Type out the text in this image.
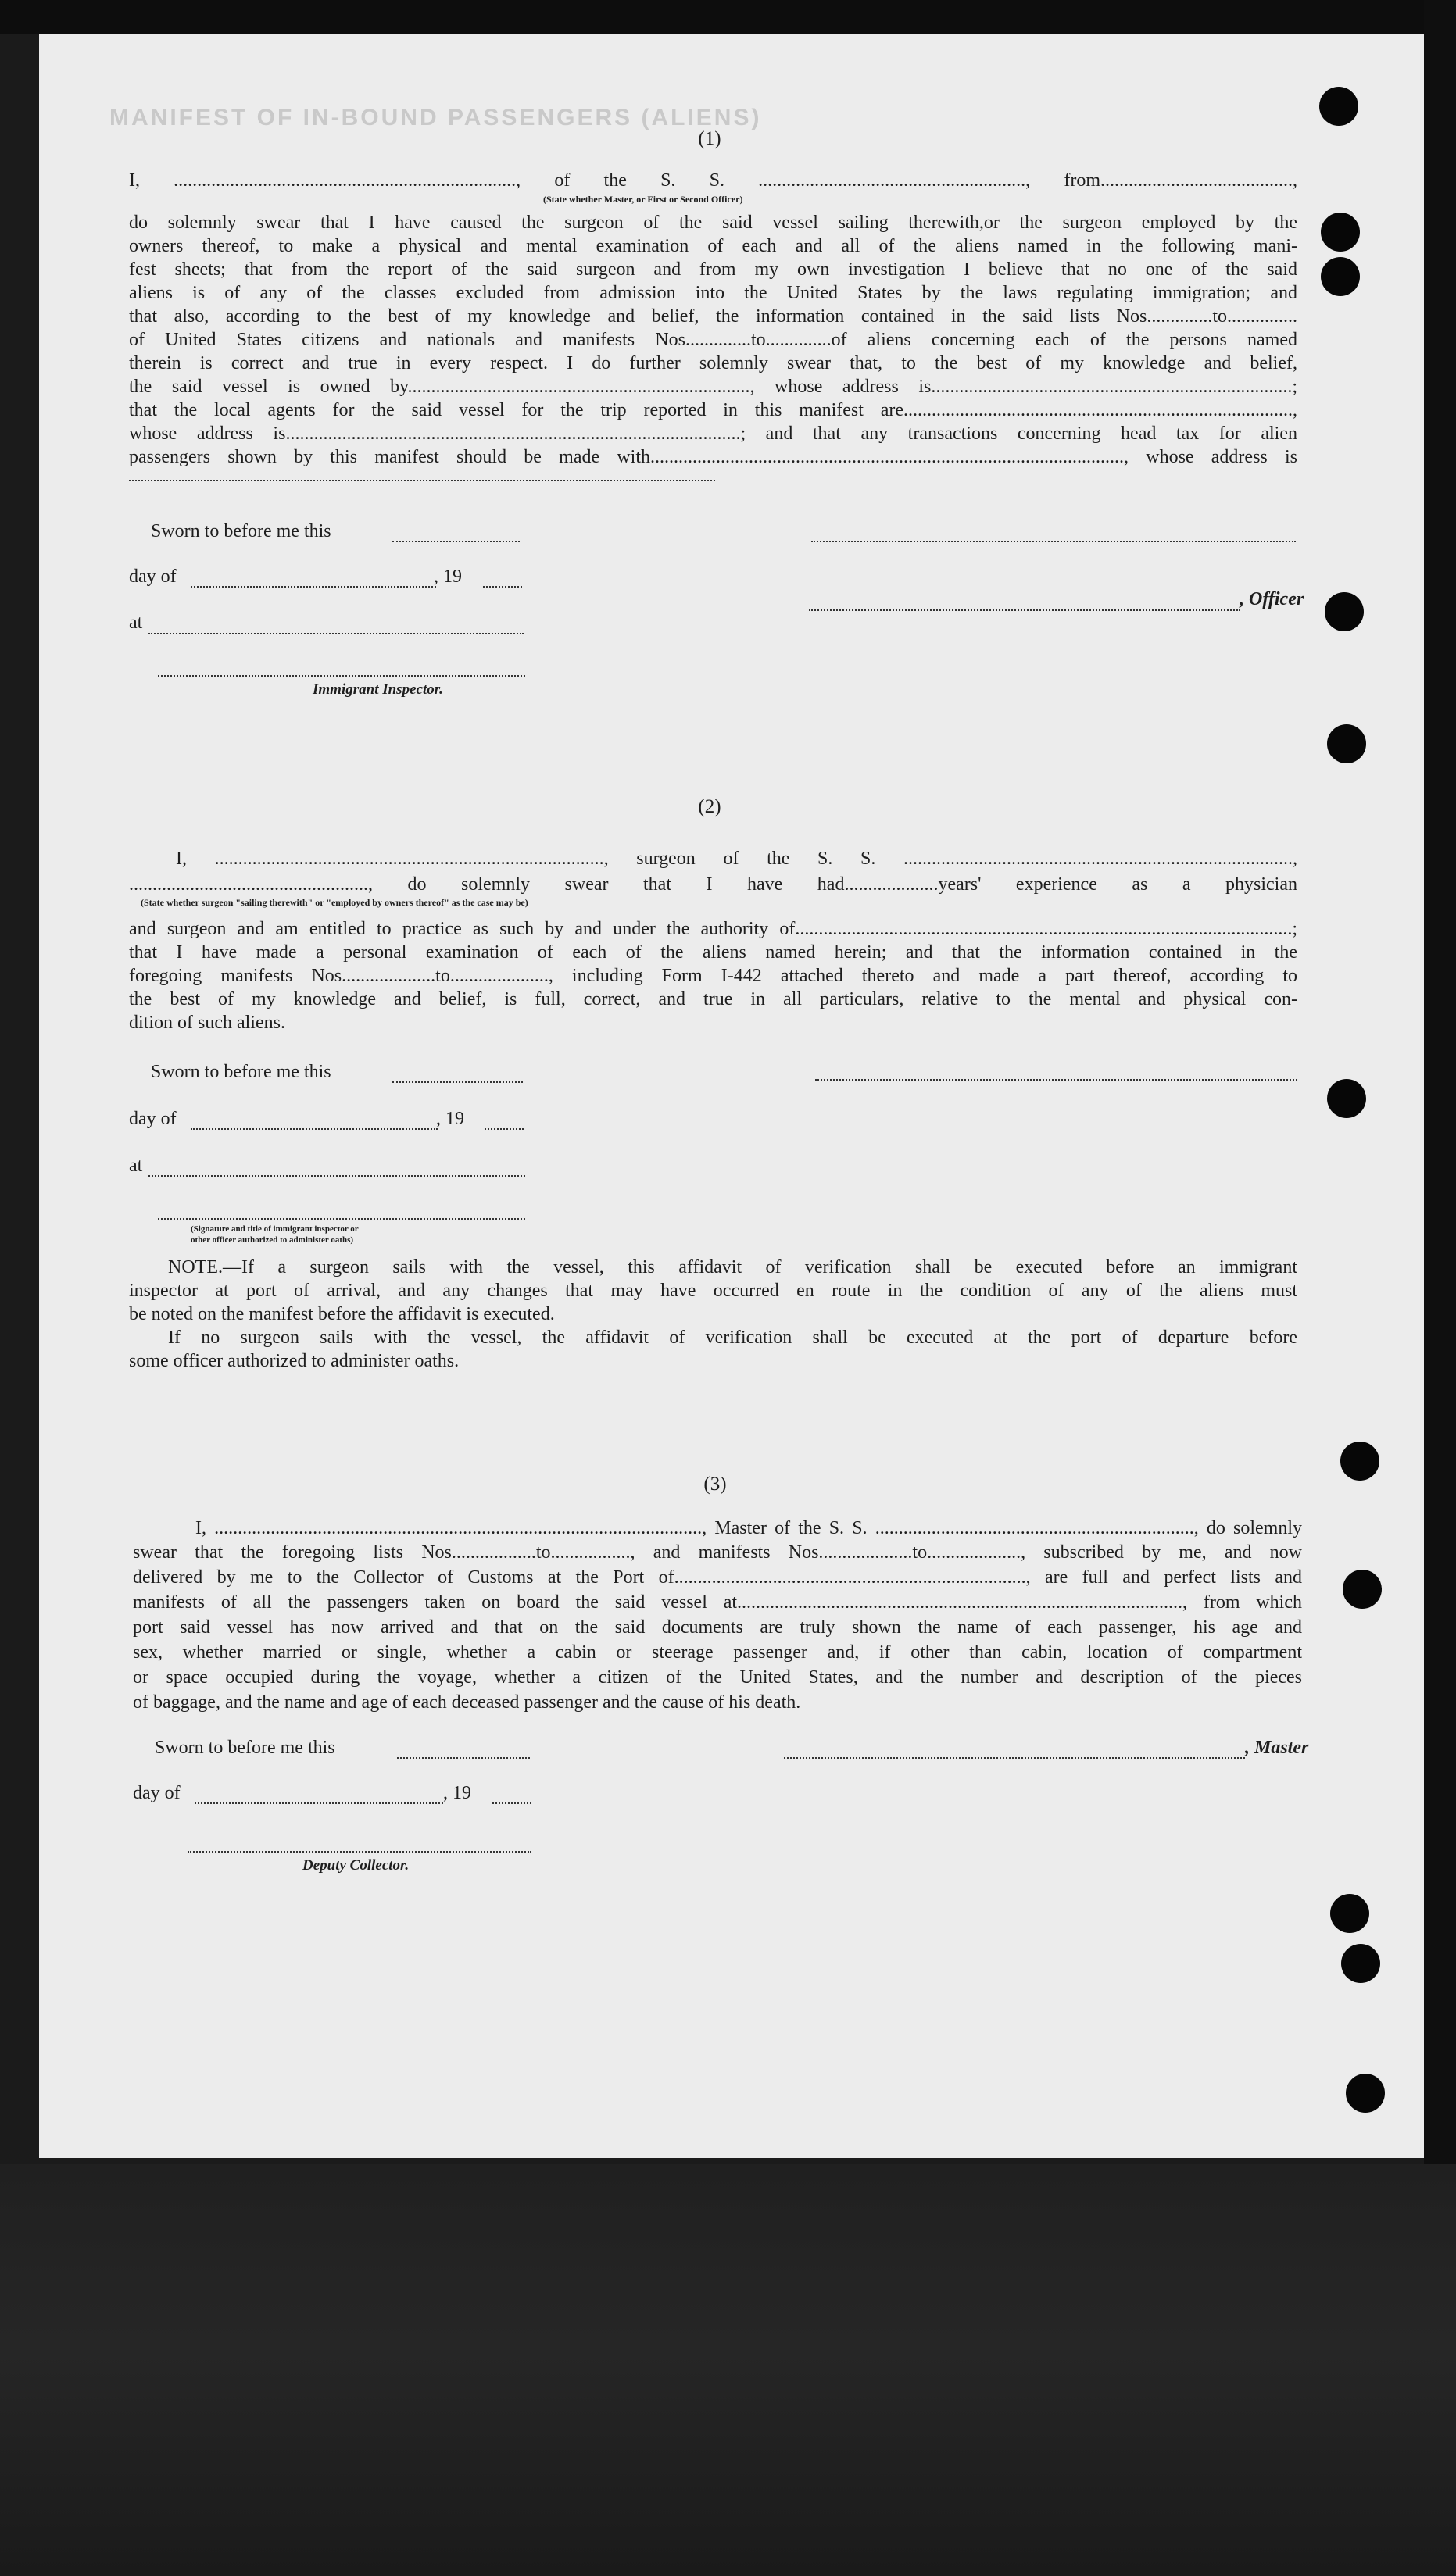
MANIFEST OF IN-BOUND PASSENGERS (ALIENS)
(1)
I, ........................................................................., of the S. S. ........................................................., from.........................................,
(State whether Master, or First or Second Officer)
do solemnly swear that I have caused the surgeon of the said vessel sailing therewith,or the surgeon employed by the
owners thereof, to make a physical and mental examination of each and all of the aliens named in the following mani-
fest sheets; that from the report of the said surgeon and from my own investigation I believe that no one of the said
aliens is of any of the classes excluded from admission into the United States by the laws regulating immigration; and
that also, according to the best of my knowledge and belief, the information contained in the said lists Nos..............to...............
of United States citizens and nationals and manifests Nos..............to..............of aliens concerning each of the persons named
therein is correct and true in every respect. I do further solemnly swear that, to the best of my knowledge and belief,
the said vessel is owned by........................................................................., whose address is.............................................................................;
that the local agents for the said vessel for the trip reported in this manifest are...................................................................................,
whose address is.................................................................................................; and that any transactions concerning head tax for alien
passengers shown by this manifest should be made with....................................................................................................., whose address is
Sworn to before me this
day of	, 19
, Officer
at
Immigrant Inspector.
(2)
I, ..................................................................................., surgeon of the S. S. ...................................................................................,
..................................................., do solemnly swear that I have had....................years' experience as a physician
(State whether surgeon "sailing therewith" or "employed by owners thereof" as the case may be)
and surgeon and am entitled to practice as such by and under the authority of..........................................................................................................;
that I have made a personal examination of each of the aliens named herein; and that the information contained in the
foregoing manifests Nos....................to....................., including Form I-442 attached thereto and made a part thereof, according to
the best of my knowledge and belief, is full, correct, and true in all particulars, relative to the mental and physical con-
dition of such aliens.
Sworn to before me this
day of	, 19
at
(Signature and title of immigrant inspector or
other officer authorized to administer oaths)
NOTE.—If a surgeon sails with the vessel, this affidavit of verification shall be executed before an immigrant
inspector at port of arrival, and any changes that may have occurred en route in the condition of any of the aliens must
be noted on the manifest before the affidavit is executed.
If no surgeon sails with the vessel, the affidavit of verification shall be executed at the port of departure before
some officer authorized to administer oaths.
(3)
I, ........................................................................................................, Master of the S. S. ...................................................................., do solemnly
swear that the foregoing lists Nos..................to................., and manifests Nos....................to...................., subscribed by me, and now
delivered by me to the Collector of Customs at the Port of..........................................................................., are full and perfect lists and
manifests of all the passengers taken on board the said vessel at..............................................................................................., from which
port said vessel has now arrived and that on the said documents are truly shown the name of each passenger, his age and
sex, whether married or single, whether a cabin or steerage passenger and, if other than cabin, location of compartment
or space occupied during the voyage, whether a citizen of the United States, and the number and description of the pieces
of baggage, and the name and age of each deceased passenger and the cause of his death.
Sworn to before me this	, Master
day of	, 19
Deputy Collector.
